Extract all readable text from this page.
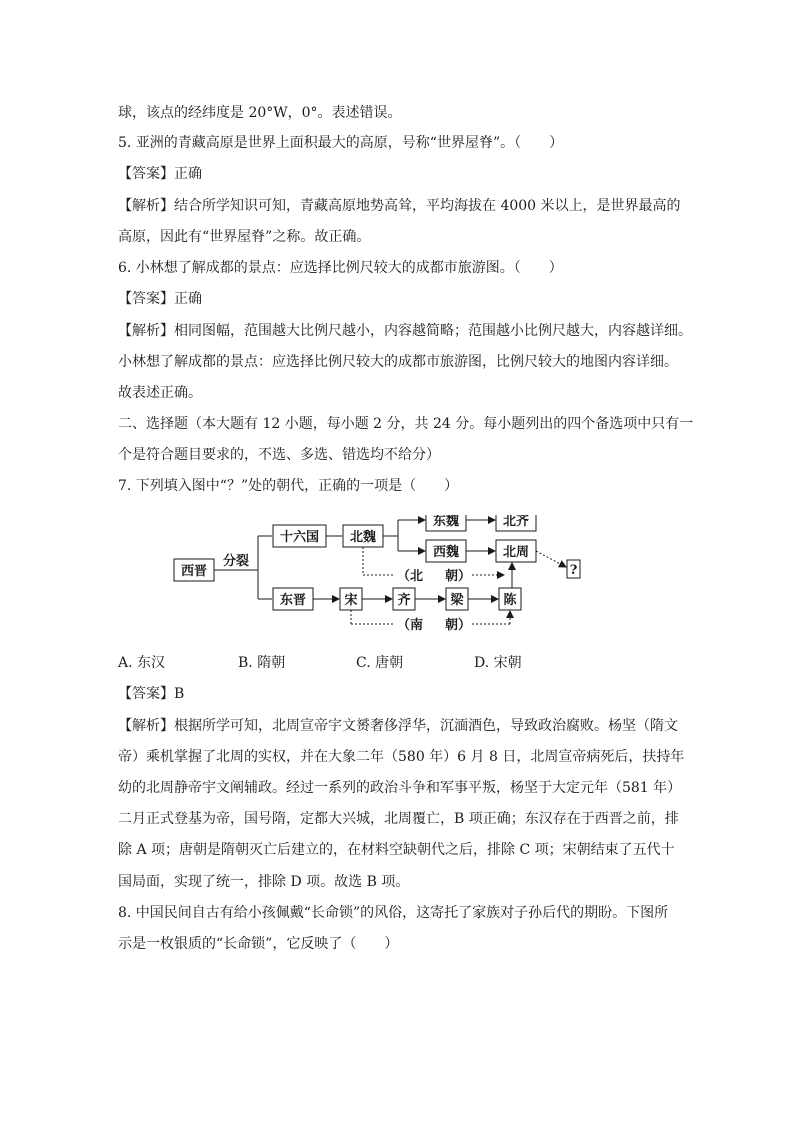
球，该点的经纬度是 20°W，0°。表述错误。
5. 亚洲的青藏高原是世界上面积最大的高原，号称“世界屋脊”。（　　）
【答案】正确
【解析】结合所学知识可知，青藏高原地势高耸，平均海拔在 4000 米以上，是世界最高的
高原，因此有“世界屋脊”之称。故正确。
6. 小林想了解成都的景点：应选择比例尺较大的成都市旅游图。（　　）
【答案】正确
【解析】相同图幅，范围越大比例尺越小，内容越简略；范围越小比例尺越大，内容越详细。
小林想了解成都的景点：应选择比例尺较大的成都市旅游图，比例尺较大的地图内容详细。
故表述正确。
二、选择题（本大题有 12 小题，每小题 2 分，共 24 分。每小题列出的四个备选项中只有一
个是符合题目要求的，不选、多选、错选均不给分）
7. 下列填入图中“？”处的朝代，正确的一项是（　　）
西晋
分裂
十六国 北魏
东魏	北齐
西魏	北周
?
东晋	宋	齐	梁	陈
（北 朝）
（南 朝）
A. 东汉	B. 隋朝	C. 唐朝	D. 宋朝
【答案】B
【解析】根据所学可知，北周宣帝宇文赟奢侈浮华，沉湎酒色，导致政治腐败。杨坚（隋文
帝）乘机掌握了北周的实权，并在大象二年（580 年）6 月 8 日，北周宣帝病死后，扶持年
幼的北周静帝宇文阐辅政。经过一系列的政治斗争和军事平叛，杨坚于大定元年（581 年）
二月正式登基为帝，国号隋，定都大兴城，北周覆亡，B 项正确；东汉存在于西晋之前，排
除 A 项；唐朝是隋朝灭亡后建立的，在材料空缺朝代之后，排除 C 项；宋朝结束了五代十
国局面，实现了统一，排除 D 项。故选 B 项。
8. 中国民间自古有给小孩佩戴“长命锁”的风俗，这寄托了家族对子孙后代的期盼。下图所
示是一枚银质的“长命锁”，它反映了（　　）
